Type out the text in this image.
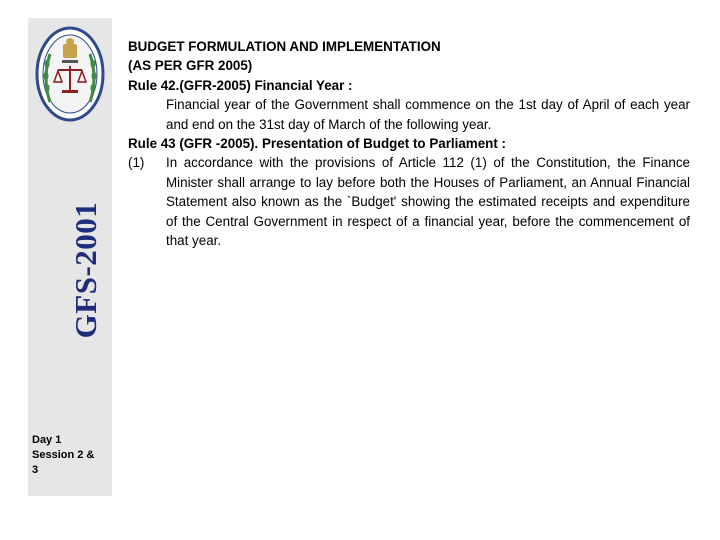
GFS-2001
Day 1
Session 2 &
3

BUDGET FORMULATION AND IMPLEMENTATION

(AS PER GFR 2005)

Rule 42.(GFR-2005) Financial Year :

Financial year of the Government shall commence on the 1st day of April of each year and end on the 31st day of March of the following year.

Rule 43 (GFR -2005). Presentation of Budget to Parliament :

(1)	In accordance with the provisions of Article 112 (1) of the Constitution, the Finance Minister shall arrange to lay before both the Houses of Parliament, an Annual Financial Statement also known as the `Budget' showing the estimated receipts and expenditure of the Central Government in respect of a financial year, before the commencement of that year.
